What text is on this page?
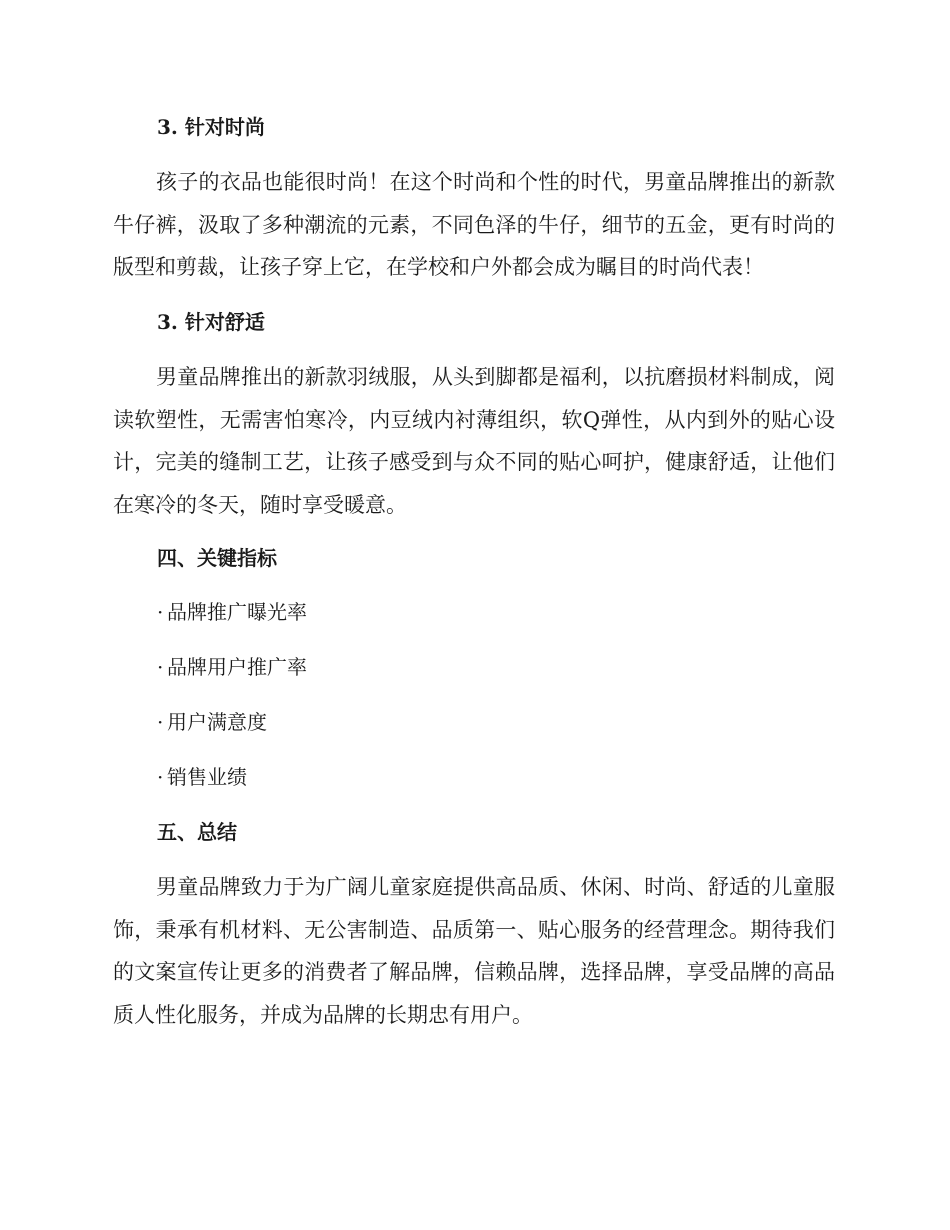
3. 针对时尚

孩子的衣品也能很时尚！在这个时尚和个性的时代，男童品牌推出的新款牛仔裤，汲取了多种潮流的元素，不同色泽的牛仔，细节的五金，更有时尚的版型和剪裁，让孩子穿上它，在学校和户外都会成为瞩目的时尚代表！

3. 针对舒适

男童品牌推出的新款羽绒服，从头到脚都是福利，以抗磨损材料制成，阅读软塑性，无需害怕寒冷，内豆绒内衬薄组织，软Q弹性，从内到外的贴心设计，完美的缝制工艺，让孩子感受到与众不同的贴心呵护，健康舒适，让他们在寒冷的冬天，随时享受暖意。

四、关键指标
· 品牌推广曝光率
· 品牌用户推广率
· 用户满意度
· 销售业绩
五、总结

男童品牌致力于为广阔儿童家庭提供高品质、休闲、时尚、舒适的儿童服饰，秉承有机材料、无公害制造、品质第一、贴心服务的经营理念。期待我们的文案宣传让更多的消费者了解品牌，信赖品牌，选择品牌，享受品牌的高品质人性化服务，并成为品牌的长期忠有用户。
